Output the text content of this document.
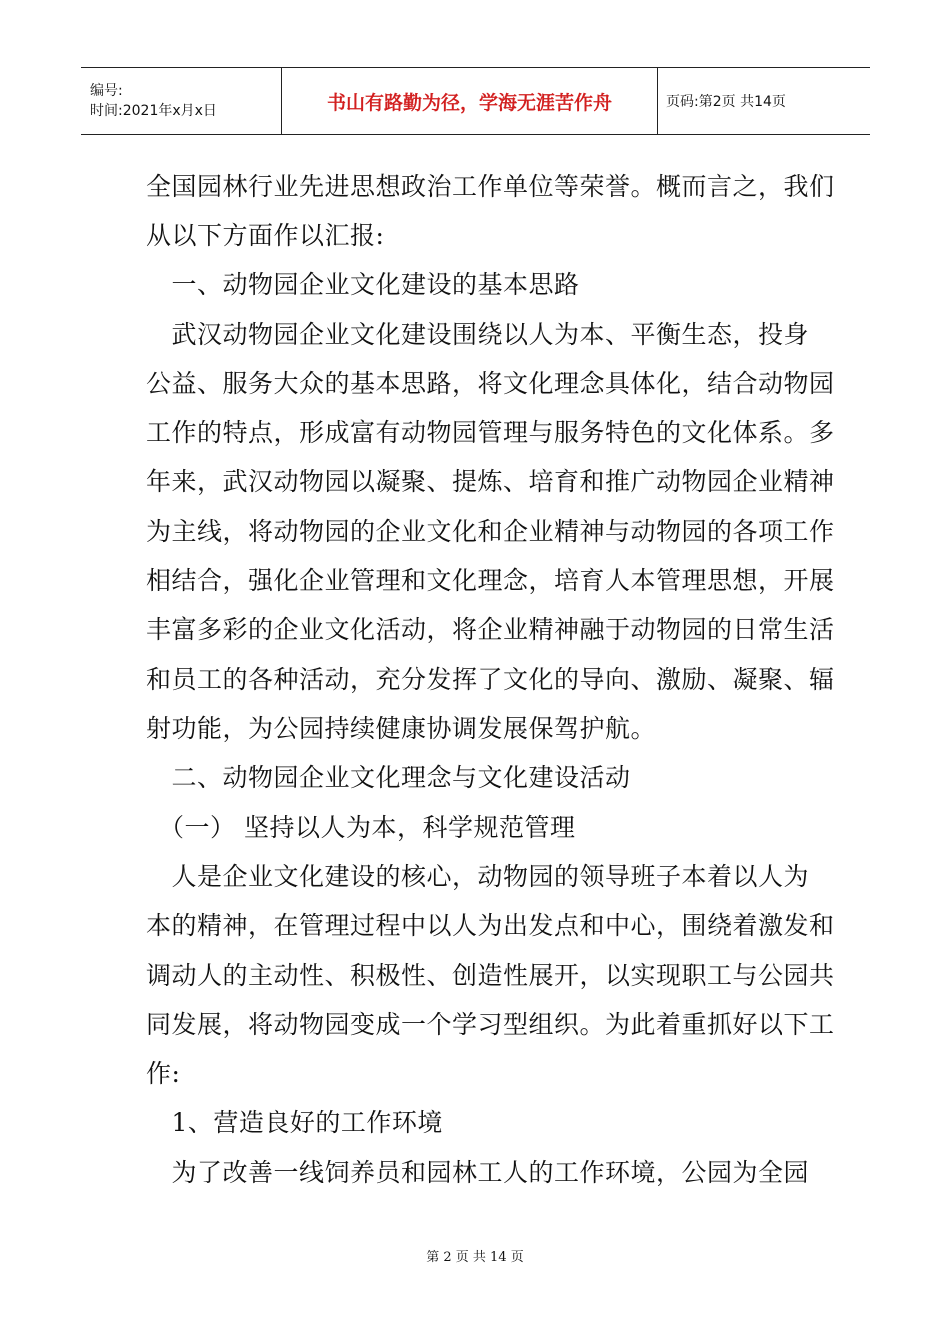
编号:
时间:2021年x月x日	书山有路勤为径，学海无涯苦作舟	页码:第2页 共14页
全国园林行业先进思想政治工作单位等荣誉。概而言之，我们
从以下方面作以汇报:
　一、动物园企业文化建设的基本思路
　武汉动物园企业文化建设围绕以人为本、平衡生态，投身
公益、服务大众的基本思路，将文化理念具体化，结合动物园
工作的特点，形成富有动物园管理与服务特色的文化体系。多
年来，武汉动物园以凝聚、提炼、培育和推广动物园企业精神
为主线，将动物园的企业文化和企业精神与动物园的各项工作
相结合，强化企业管理和文化理念，培育人本管理思想，开展
丰富多彩的企业文化活动，将企业精神融于动物园的日常生活
和员工的各种活动，充分发挥了文化的导向、激励、凝聚、辐
射功能，为公园持续健康协调发展保驾护航。
　二、动物园企业文化理念与文化建设活动
　（一） 坚持以人为本，科学规范管理
　人是企业文化建设的核心，动物园的领导班子本着以人为
本的精神，在管理过程中以人为出发点和中心，围绕着激发和
调动人的主动性、积极性、创造性展开，以实现职工与公园共
同发展，将动物园变成一个学习型组织。为此着重抓好以下工
作:
　1、营造良好的工作环境
　为了改善一线饲养员和园林工人的工作环境，公园为全园
第 2 页 共 14 页
